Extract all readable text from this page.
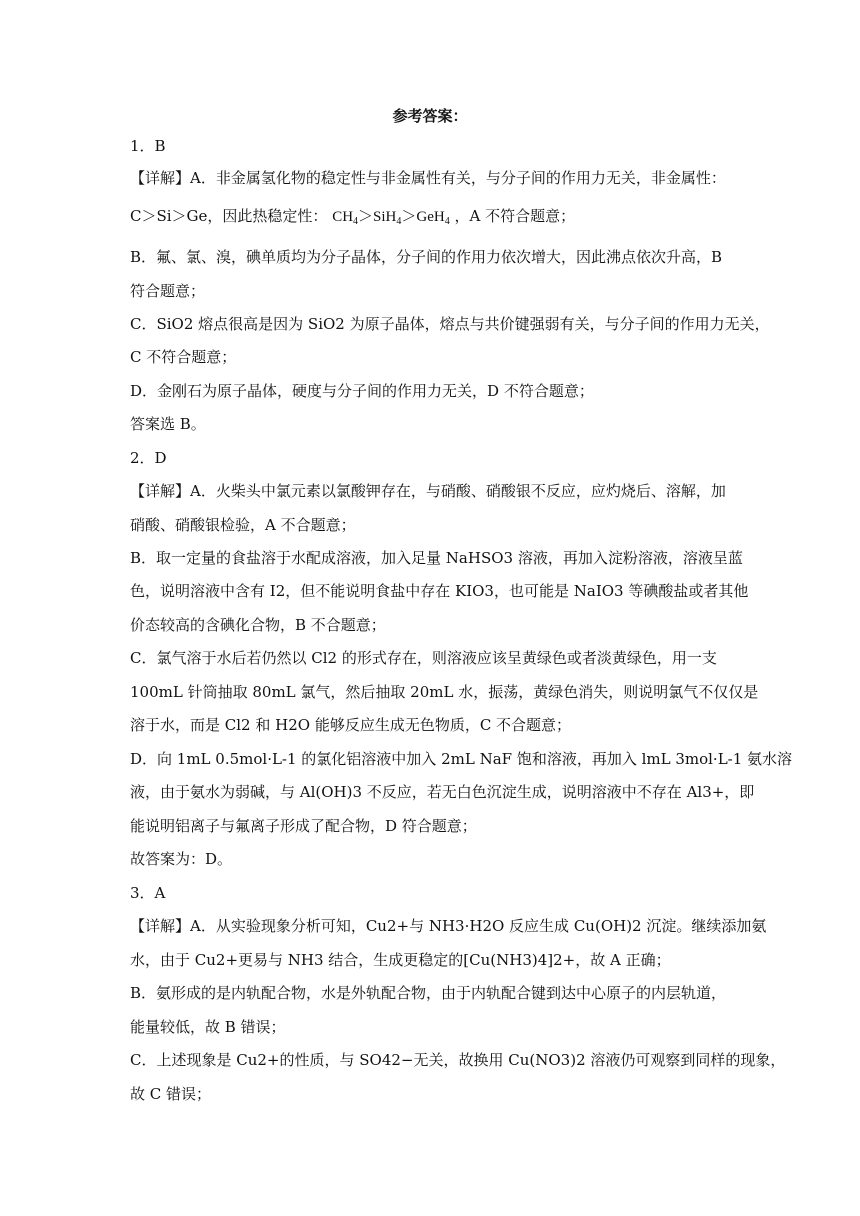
参考答案：
1．B
【详解】A．非金属氢化物的稳定性与非金属性有关，与分子间的作用力无关，非金属性：
C＞Si＞Ge，因此热稳定性： $CH_4>SiH_4>GeH_4$ ，A 不符合题意；
B．氟、氯、溴，碘单质均为分子晶体，分子间的作用力依次增大，因此沸点依次升高，B
符合题意；
C．SiO2 熔点很高是因为 SiO2 为原子晶体，熔点与共价键强弱有关，与分子间的作用力无关，
C 不符合题意；
D．金刚石为原子晶体，硬度与分子间的作用力无关，D 不符合题意；
答案选 B。
2．D
【详解】A．火柴头中氯元素以氯酸钾存在，与硝酸、硝酸银不反应，应灼烧后、溶解，加
硝酸、硝酸银检验，A 不合题意；
B．取一定量的食盐溶于水配成溶液，加入足量 NaHSO3 溶液，再加入淀粉溶液，溶液呈蓝
色，说明溶液中含有 I2，但不能说明食盐中存在 KIO3，也可能是 NaIO3 等碘酸盐或者其他
价态较高的含碘化合物，B 不合题意；
C．氯气溶于水后若仍然以 Cl2 的形式存在，则溶液应该呈黄绿色或者淡黄绿色，用一支
100mL 针筒抽取 80mL 氯气，然后抽取 20mL 水，振荡，黄绿色消失，则说明氯气不仅仅是
溶于水，而是 Cl2 和 H2O 能够反应生成无色物质，C 不合题意；
D．向 1mL 0.5mol·L-1 的氯化铝溶液中加入 2mL NaF 饱和溶液，再加入 lmL 3mol·L-1 氨水溶
液，由于氨水为弱碱，与 Al(OH)3 不反应，若无白色沉淀生成，说明溶液中不存在 Al3+，即
能说明铝离子与氟离子形成了配合物，D 符合题意；
故答案为：D。
3．A
【详解】A．从实验现象分析可知，Cu2+与 NH3·H2O 反应生成 Cu(OH)2 沉淀。继续添加氨
水，由于 Cu2+更易与 NH3 结合，生成更稳定的[Cu(NH3)4]2+，故 A 正确；
B．氨形成的是内轨配合物，水是外轨配合物，由于内轨配合键到达中心原子的内层轨道，
能量较低，故 B 错误；
C．上述现象是 Cu2+的性质，与 SO42−无关，故换用 Cu(NO3)2 溶液仍可观察到同样的现象，
故 C 错误；
